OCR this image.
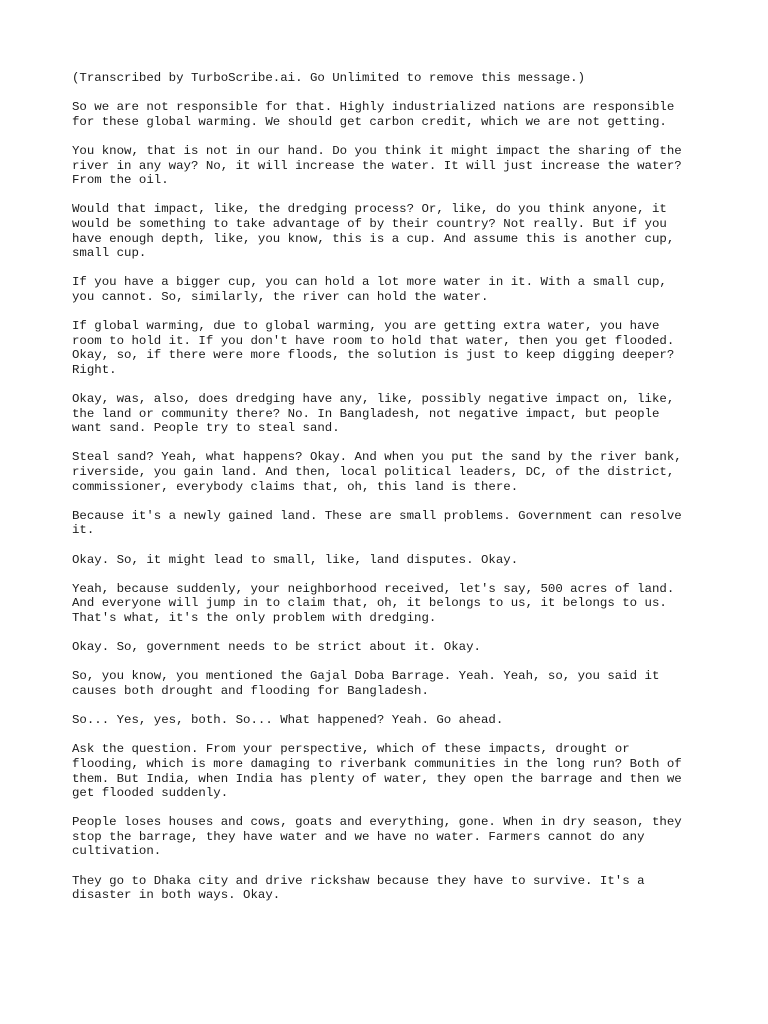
(Transcribed by TurboScribe.ai. Go Unlimited to remove this message.)

So we are not responsible for that. Highly industrialized nations are responsible
for these global warming. We should get carbon credit, which we are not getting.

You know, that is not in our hand. Do you think it might impact the sharing of the
river in any way? No, it will increase the water. It will just increase the water?
From the oil.

Would that impact, like, the dredging process? Or, like, do you think anyone, it
would be something to take advantage of by their country? Not really. But if you
have enough depth, like, you know, this is a cup. And assume this is another cup,
small cup.

If you have a bigger cup, you can hold a lot more water in it. With a small cup,
you cannot. So, similarly, the river can hold the water.

If global warming, due to global warming, you are getting extra water, you have
room to hold it. If you don't have room to hold that water, then you get flooded.
Okay, so, if there were more floods, the solution is just to keep digging deeper?
Right.

Okay, was, also, does dredging have any, like, possibly negative impact on, like,
the land or community there? No. In Bangladesh, not negative impact, but people
want sand. People try to steal sand.

Steal sand? Yeah, what happens? Okay. And when you put the sand by the river bank,
riverside, you gain land. And then, local political leaders, DC, of the district,
commissioner, everybody claims that, oh, this land is there.

Because it's a newly gained land. These are small problems. Government can resolve
it.

Okay. So, it might lead to small, like, land disputes. Okay.

Yeah, because suddenly, your neighborhood received, let's say, 500 acres of land.
And everyone will jump in to claim that, oh, it belongs to us, it belongs to us.
That's what, it's the only problem with dredging.

Okay. So, government needs to be strict about it. Okay.

So, you know, you mentioned the Gajal Doba Barrage. Yeah. Yeah, so, you said it
causes both drought and flooding for Bangladesh.

So... Yes, yes, both. So... What happened? Yeah. Go ahead.

Ask the question. From your perspective, which of these impacts, drought or
flooding, which is more damaging to riverbank communities in the long run? Both of
them. But India, when India has plenty of water, they open the barrage and then we
get flooded suddenly.

People loses houses and cows, goats and everything, gone. When in dry season, they
stop the barrage, they have water and we have no water. Farmers cannot do any
cultivation.

They go to Dhaka city and drive rickshaw because they have to survive. It's a
disaster in both ways. Okay.
